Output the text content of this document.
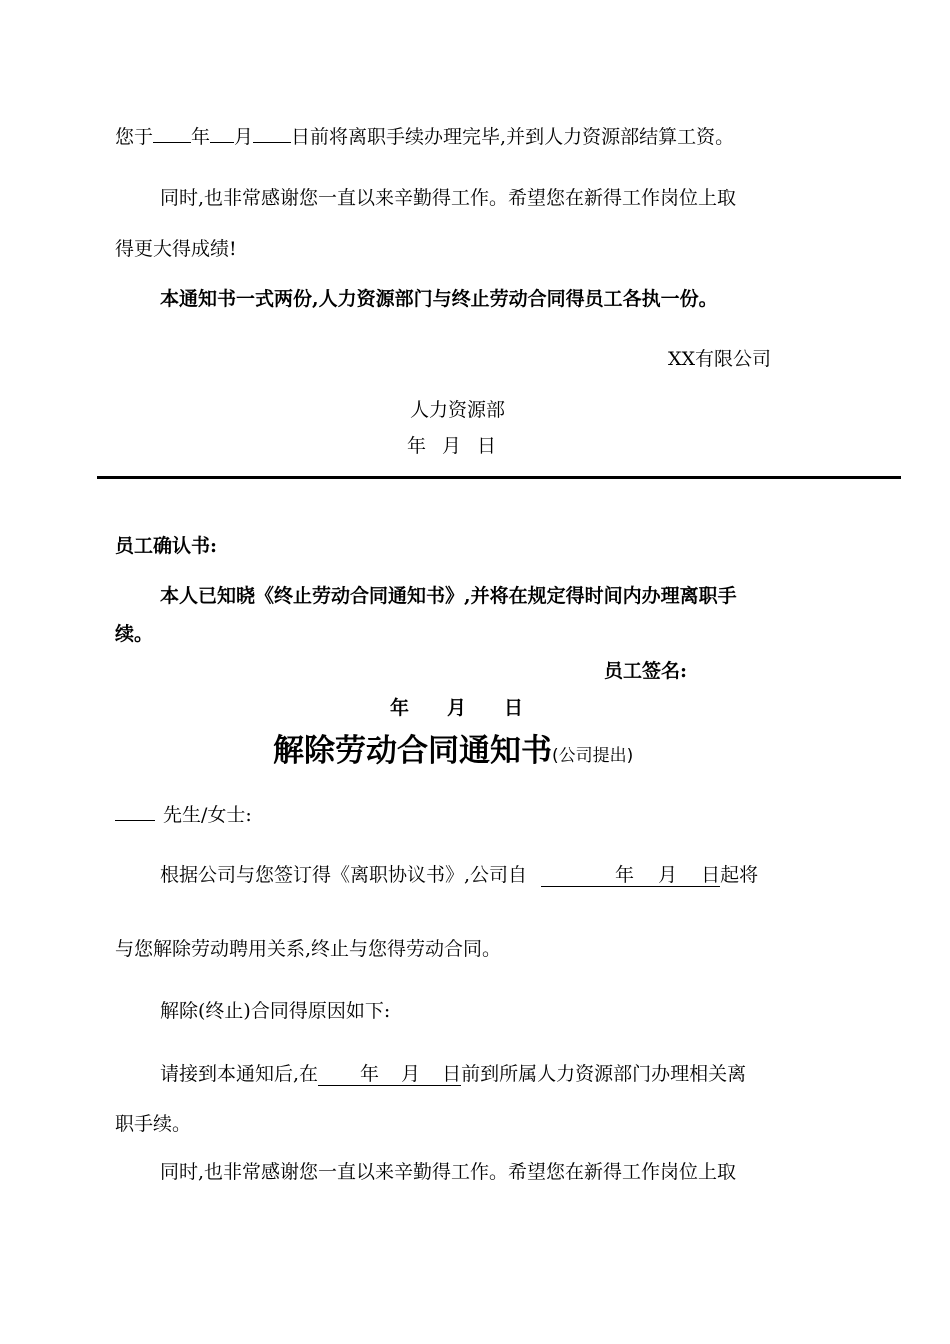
您于 年 月 日前将离职手续办理完毕,并到人力资源部结算工资。
同时,也非常感谢您一直以来辛勤得工作。希望您在新得工作岗位上取
得更大得成绩!
本通知书一式两份,人力资源部门与终止劳动合同得员工各执一份。
XX有限公司
人力资源部
年 月 日
员工确认书:
本人已知晓《终止劳动合同通知书》,并将在规定得时间内办理离职手
续。
员工签名:
年 月 日
解除劳动合同通知书(公司提出)
先生/女士:
根据公司与您签订得《离职协议书》,公司自	年 月 日起将
与您解除劳动聘用关系,终止与您得劳动合同。
解除(终止)合同得原因如下:
请接到本通知后,在 年 月 日前到所属人力资源部门办理相关离
职手续。
同时,也非常感谢您一直以来辛勤得工作。希望您在新得工作岗位上取
